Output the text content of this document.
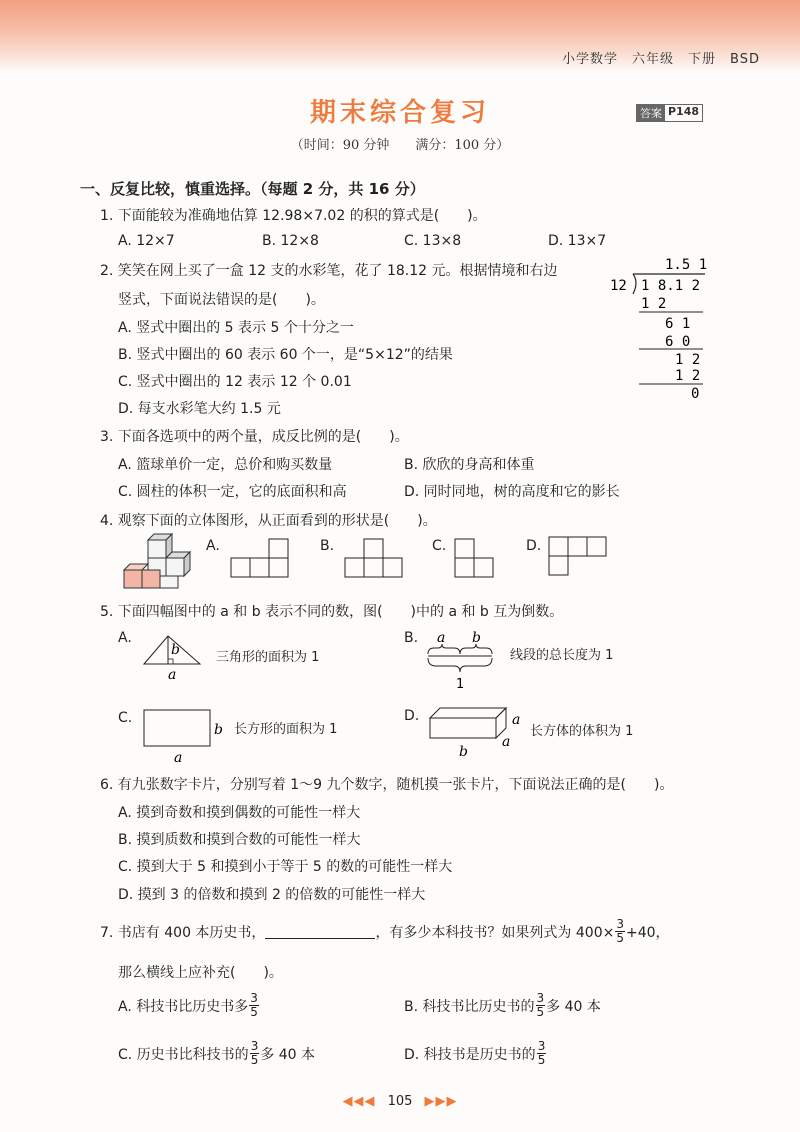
小学数学　六年级　下册　BSD
期末综合复习	答案 P148
（时间：90 分钟　　满分：100 分）
一、反复比较，慎重选择。（每题 2 分，共 16 分）
1. 下面能较为准确地估算 12.98×7.02 的积的算式是(　　)。
A. 12×7	B. 12×8	C. 13×8	D. 13×7
2. 笑笑在网上买了一盒 12 支的水彩笔，花了 18.12 元。根据情境和右边
竖式，下面说法错误的是(　　)。
A. 竖式中圈出的 5 表示 5 个十分之一
B. 竖式中圈出的 60 表示 60 个一，是“5×12”的结果
C. 竖式中圈出的 12 表示 12 个 0.01
D. 每支水彩笔大约 1.5 元
1.5 1
12 1 8.1 2
1 2
6 1
6 0
1 2
1 2
0
3. 下面各选项中的两个量，成反比例的是(　　)。
A. 篮球单价一定，总价和购买数量	B. 欣欣的身高和体重
C. 圆柱的体积一定，它的底面积和高	D. 同时同地，树的高度和它的影长
4. 观察下面的立体图形，从正面看到的形状是(　　)。
A.	B.	C.	D.
5. 下面四幅图中的 a 和 b 表示不同的数，图(　　)中的 a 和 b 互为倒数。
A.
b
a
三角形的面积为 1
B. a b
1
线段的总长度为 1
C.
b
a
长方形的面积为 1
D.	a
a
b
长方体的体积为 1
6. 有九张数字卡片，分别写着 1～9 九个数字，随机摸一张卡片，下面说法正确的是(　　)。
A. 摸到奇数和摸到偶数的可能性一样大
B. 摸到质数和摸到合数的可能性一样大
C. 摸到大于 5 和摸到小于等于 5 的数的可能性一样大
D. 摸到 3 的倍数和摸到 2 的倍数的可能性一样大
7. 书店有 400 本历史书，	，有多少本科技书？如果列式为 $400\times \frac{3}{5} +40$，
那么横线上应补充(　　)。
A. 科技书比历史书多 $\frac{3}{5}$	B. 科技书比历史书的 $\frac{3}{5}$ 多 40 本
C. 历史书比科技书的 $\frac{3}{5}$ 多 40 本	D. 科技书是历史书的 $\frac{3}{5}$
◀◀◀ 105 ▶▶▶
